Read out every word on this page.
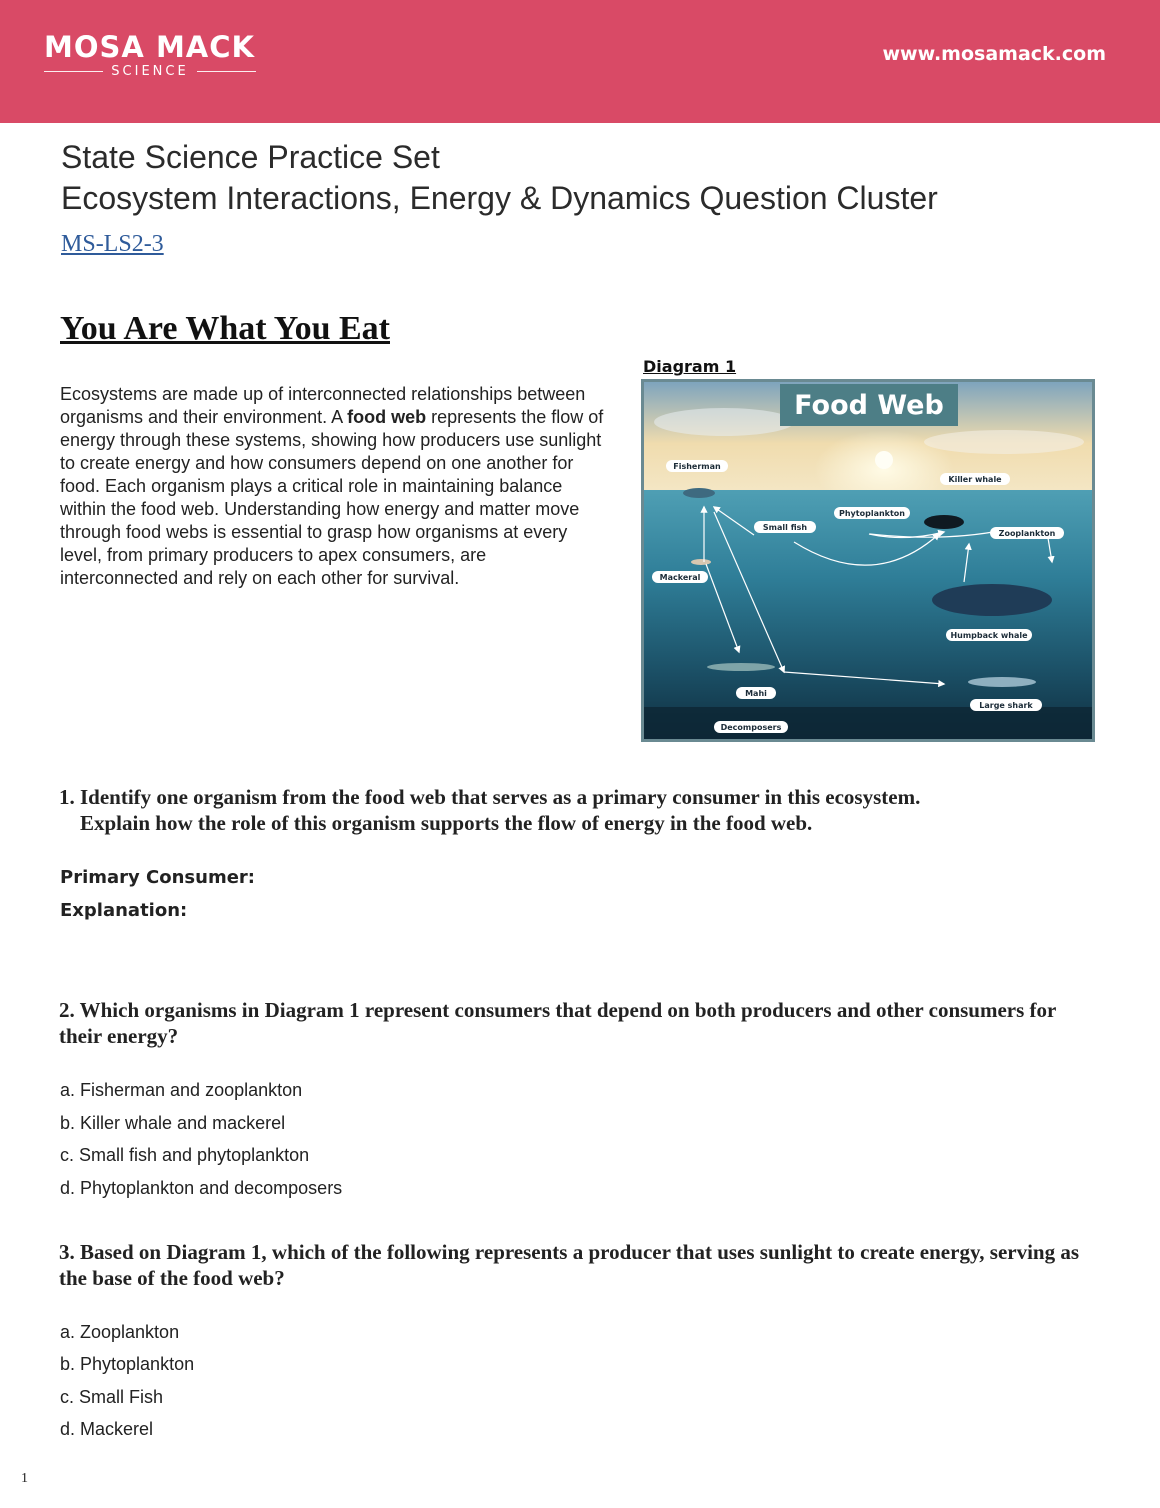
MOSA MACK
SCIENCE
www.mosamack.com
State Science Practice Set
Ecosystem Interactions, Energy & Dynamics Question Cluster
MS-LS2-3
You Are What You Eat
Ecosystems are made up of interconnected relationships between organisms and their environment. A food web represents the flow of energy through these systems, showing how producers use sunlight to create energy and how consumers depend on one another for food. Each organism plays a critical role in maintaining balance within the food web. Understanding how energy and matter move through food webs is essential to grasp how organisms at every level, from primary producers to apex consumers, are interconnected and rely on each other for survival.
Diagram 1
Food Web
Fisherman
Killer whale
Phytoplankton
Small fish
Zooplankton
Mackeral
Humpback whale
Mahi
Large shark
Decomposers
1. Identify one organism from the food web that serves as a primary consumer in this ecosystem.
Explain how the role of this organism supports the flow of energy in the food web.
Primary Consumer:
Explanation:
2. Which organisms in Diagram 1 represent consumers that depend on both producers and other consumers for their energy?
a. Fisherman and zooplankton
b. Killer whale and mackerel
c. Small fish and phytoplankton
d. Phytoplankton and decomposers
3. Based on Diagram 1, which of the following represents a producer that uses sunlight to create energy, serving as the base of the food web?
a. Zooplankton
b. Phytoplankton
c. Small Fish
d. Mackerel
1
